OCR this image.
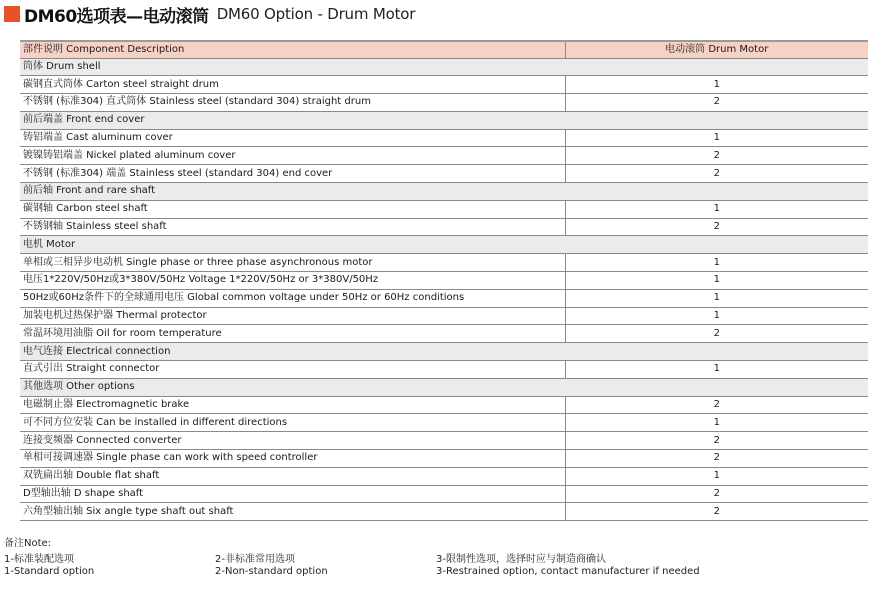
DM60选项表—电动滚筒 DM60 Option - Drum Motor
部件说明 Component Description	电动滚筒 Drum Motor
筒体 Drum shell	
碳钢直式筒体 Carton steel straight drum	1
不锈钢 (标准304) 直式筒体 Stainless steel (standard 304) straight drum	2
前后端盖 Front end cover	
铸铝端盖 Cast aluminum cover	1
镀镍铸铝端盖 Nickel plated aluminum cover	2
不锈钢 (标准304) 端盖 Stainless steel (standard 304) end cover	2
前后轴 Front and rare shaft	
碳钢轴 Carbon steel shaft	1
不锈钢轴 Stainless steel shaft	2
电机 Motor	
单相或三相异步电动机 Single phase or three phase asynchronous motor	1
电压1*220V/50Hz或3*380V/50Hz Voltage 1*220V/50Hz or 3*380V/50Hz	1
50Hz或60Hz条件下的全球通用电压 Global common voltage under 50Hz or 60Hz conditions	1
加装电机过热保护器 Thermal protector	1
常温环境用油脂 Oil for room temperature	2
电气连接 Electrical connection	
直式引出 Straight connector	1
其他选项 Other options	
电磁制止器 Electromagnetic brake	2
可不同方位安装 Can be installed in different directions	1
连接变频器 Connected converter	2
单相可接调速器 Single phase can work with speed controller	2
双铣扁出轴 Double flat shaft	1
D型轴出轴 D shape shaft	2
六角型轴出轴 Six angle type shaft out shaft	2
备注Note:
1-标准装配选项
1-Standard option
2-非标准常用选项
2-Non-standard option
3-限制性选项，选择时应与制造商确认
3-Restrained option, contact manufacturer if needed
